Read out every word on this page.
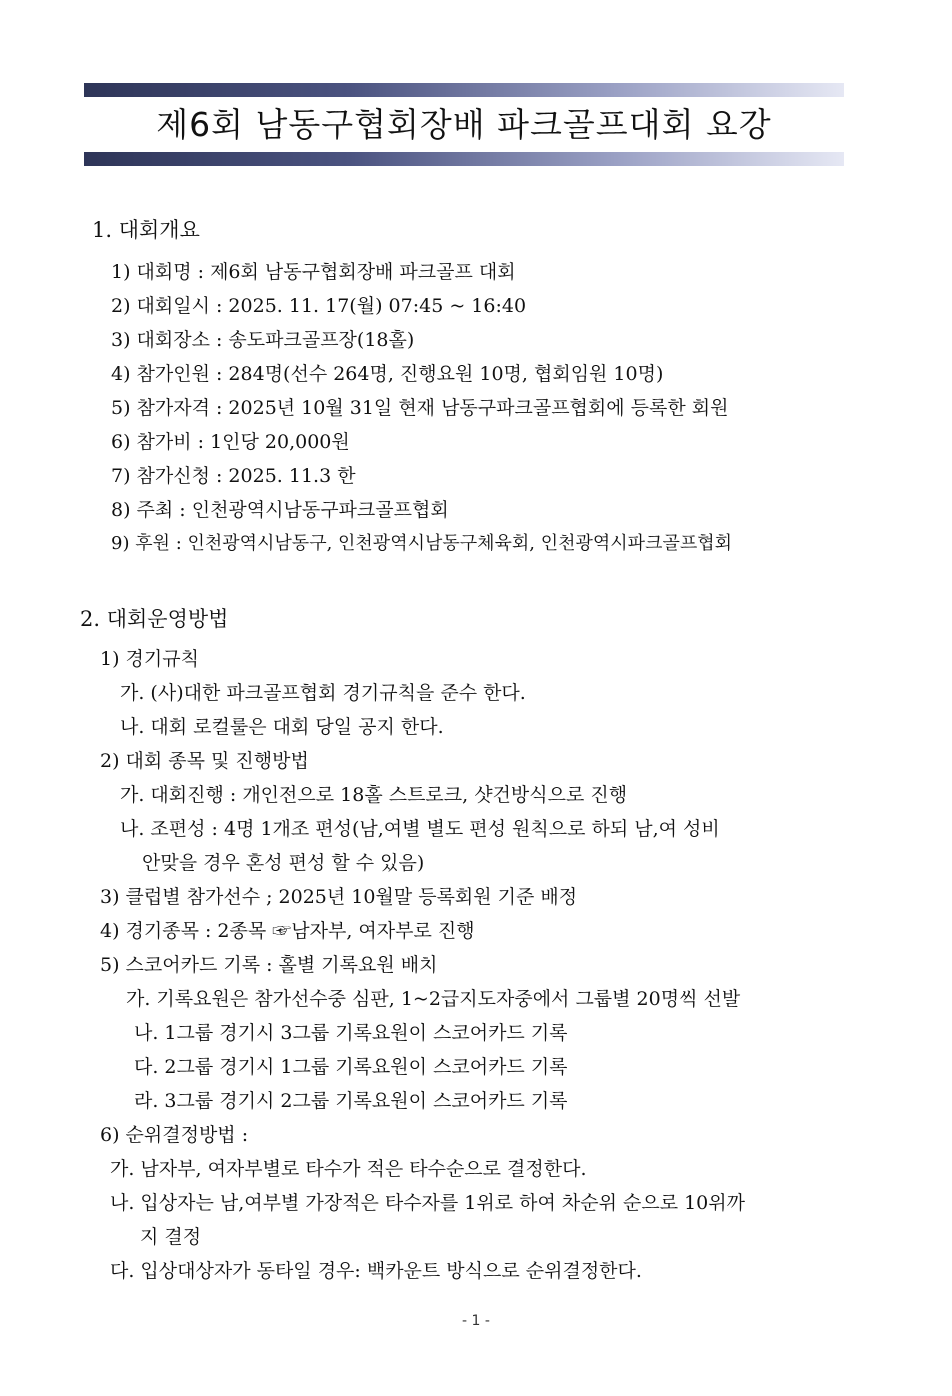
제6회 남동구협회장배 파크골프대회 요강
1. 대회개요
1) 대회명 : 제6회 남동구협회장배 파크골프 대회
2) 대회일시 : 2025. 11. 17(월) 07:45 ~ 16:40
3) 대회장소 : 송도파크골프장(18홀)
4) 참가인원 : 284명(선수 264명, 진행요원 10명, 협회임원 10명)
5) 참가자격 : 2025년 10월 31일 현재 남동구파크골프협회에 등록한 회원
6) 참가비 : 1인당 20,000원
7) 참가신청 : 2025. 11.3 한
8) 주최 : 인천광역시남동구파크골프협회
9) 후원 : 인천광역시남동구, 인천광역시남동구체육회, 인천광역시파크골프협회
2. 대회운영방법
1) 경기규칙
가. (사)대한 파크골프협회 경기규칙을 준수 한다.
나. 대회 로컬룰은 대회 당일 공지 한다.
2) 대회 종목 및 진행방법
가. 대회진행 : 개인전으로 18홀 스트로크, 샷건방식으로 진행
나. 조편성 : 4명 1개조 편성(남,여별 별도 편성 원칙으로 하되 남,여 성비
안맞을 경우 혼성 편성 할 수 있음)
3) 클럽별 참가선수 ; 2025년 10월말 등록회원 기준 배정
4) 경기종목 : 2종목 ☞남자부, 여자부로 진행
5) 스코어카드 기록 : 홀별 기록요원 배치
가. 기록요원은 참가선수중 심판, 1~2급지도자중에서 그룹별 20명씩 선발
나. 1그룹 경기시 3그룹 기록요원이 스코어카드 기록
다. 2그룹 경기시 1그룹 기록요원이 스코어카드 기록
라. 3그룹 경기시 2그룹 기록요원이 스코어카드 기록
6) 순위결정방법 :
가. 남자부, 여자부별로 타수가 적은 타수순으로 결정한다.
나. 입상자는 남,여부별 가장적은 타수자를 1위로 하여 차순위 순으로 10위까
지 결정
다. 입상대상자가 동타일 경우: 백카운트 방식으로 순위결정한다.
- 1 -
